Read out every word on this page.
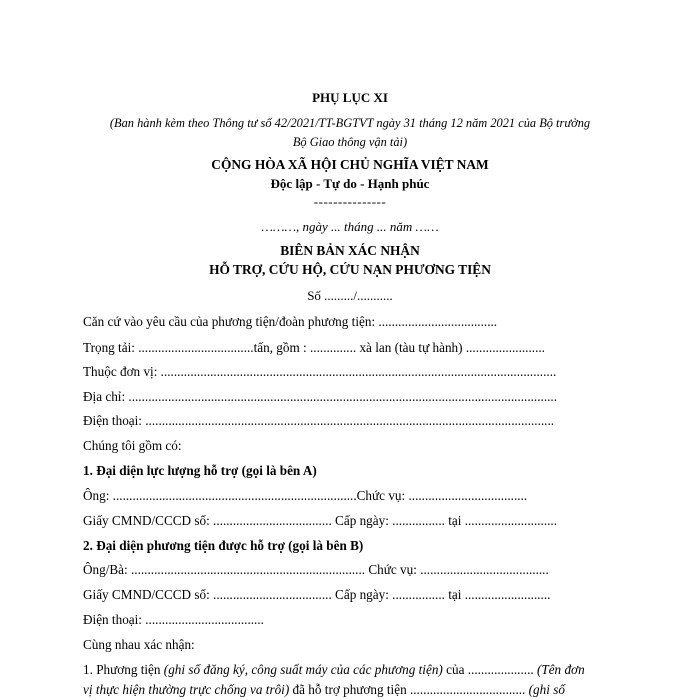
PHỤ LỤC XI
(Ban hành kèm theo Thông tư số 42/2021/TT-BGTVT ngày 31 tháng 12 năm 2021 của Bộ trưởng
Bộ Giao thông vận tải)
CỘNG HÒA XÃ HỘI CHỦ NGHĨA VIỆT NAM
Độc lập - Tự do - Hạnh phúc
---------------
………, ngày ... tháng ... năm ……
BIÊN BẢN XÁC NHẬN
HỖ TRỢ, CỨU HỘ, CỨU NẠN PHƯƠNG TIỆN
Số ........./...........
Căn cứ vào yêu cầu của phương tiện/đoàn phương tiện: ....................................
Trọng tải: ...................................tấn, gồm : .............. xà lan (tàu tự hành) ........................
Thuộc đơn vị: ........................................................................................................................
Địa chỉ: ..................................................................................................................................
Điện thoại: ............................................................................................................................
Chúng tôi gồm có:
1. Đại diện lực lượng hỗ trợ (gọi là bên A)
Ông: ..........................................................................Chức vụ: ....................................
Giấy CMND/CCCD số: .................................... Cấp ngày: ................ tại ............................
2. Đại diện phương tiện được hỗ trợ (gọi là bên B)
Ông/Bà: ....................................................................... Chức vụ: .......................................
Giấy CMND/CCCD số: .................................... Cấp ngày: ................ tại ..........................
Điện thoại: ....................................
Cùng nhau xác nhận:
1. Phương tiện (ghi số đăng ký, công suất máy của các phương tiện) của .................... (Tên đơn
vị thực hiện thường trực chống va trôi) đã hỗ trợ phương tiện ................................... (ghi số
